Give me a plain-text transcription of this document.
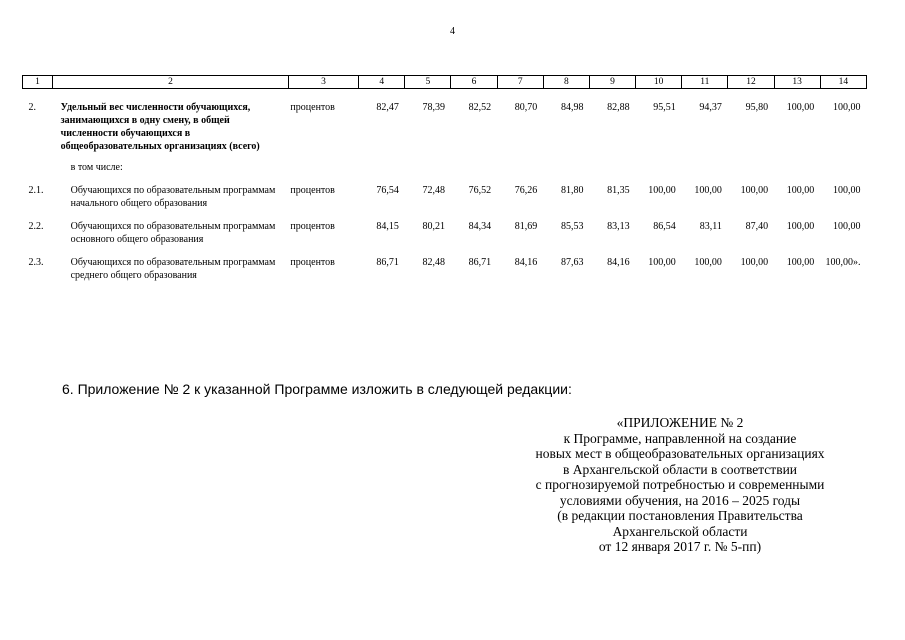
4
1	2	3	4	5	6	7	8	9	10	11	12	13	14
2.	Удельный вес численности обучающихся, занимающихся в одну смену, в общей численности обучающихся в общеобразовательных организациях (всего)	процентов	82,47	78,39	82,52	80,70	84,98	82,88	95,51	94,37	95,80	100,00	100,00
	в том числе:												
2.1.	Обучающихся по образовательным программам начального общего образования	процентов	76,54	72,48	76,52	76,26	81,80	81,35	100,00	100,00	100,00	100,00	100,00
2.2.	Обучающихся по образовательным программам основного общего образования	процентов	84,15	80,21	84,34	81,69	85,53	83,13	86,54	83,11	87,40	100,00	100,00
2.3.	Обучающихся по образовательным программам среднего общего образования	процентов	86,71	82,48	86,71	84,16	87,63	84,16	100,00	100,00	100,00	100,00	100,00».
6. Приложение № 2 к указанной Программе изложить в следующей редакции:
«ПРИЛОЖЕНИЕ № 2
к Программе, направленной на создание
новых мест в общеобразовательных организациях
в Архангельской области в соответствии
с прогнозируемой потребностью и современными
условиями обучения, на 2016 – 2025 годы
(в редакции постановления Правительства
Архангельской области
от 12 января 2017 г. № 5-пп)
